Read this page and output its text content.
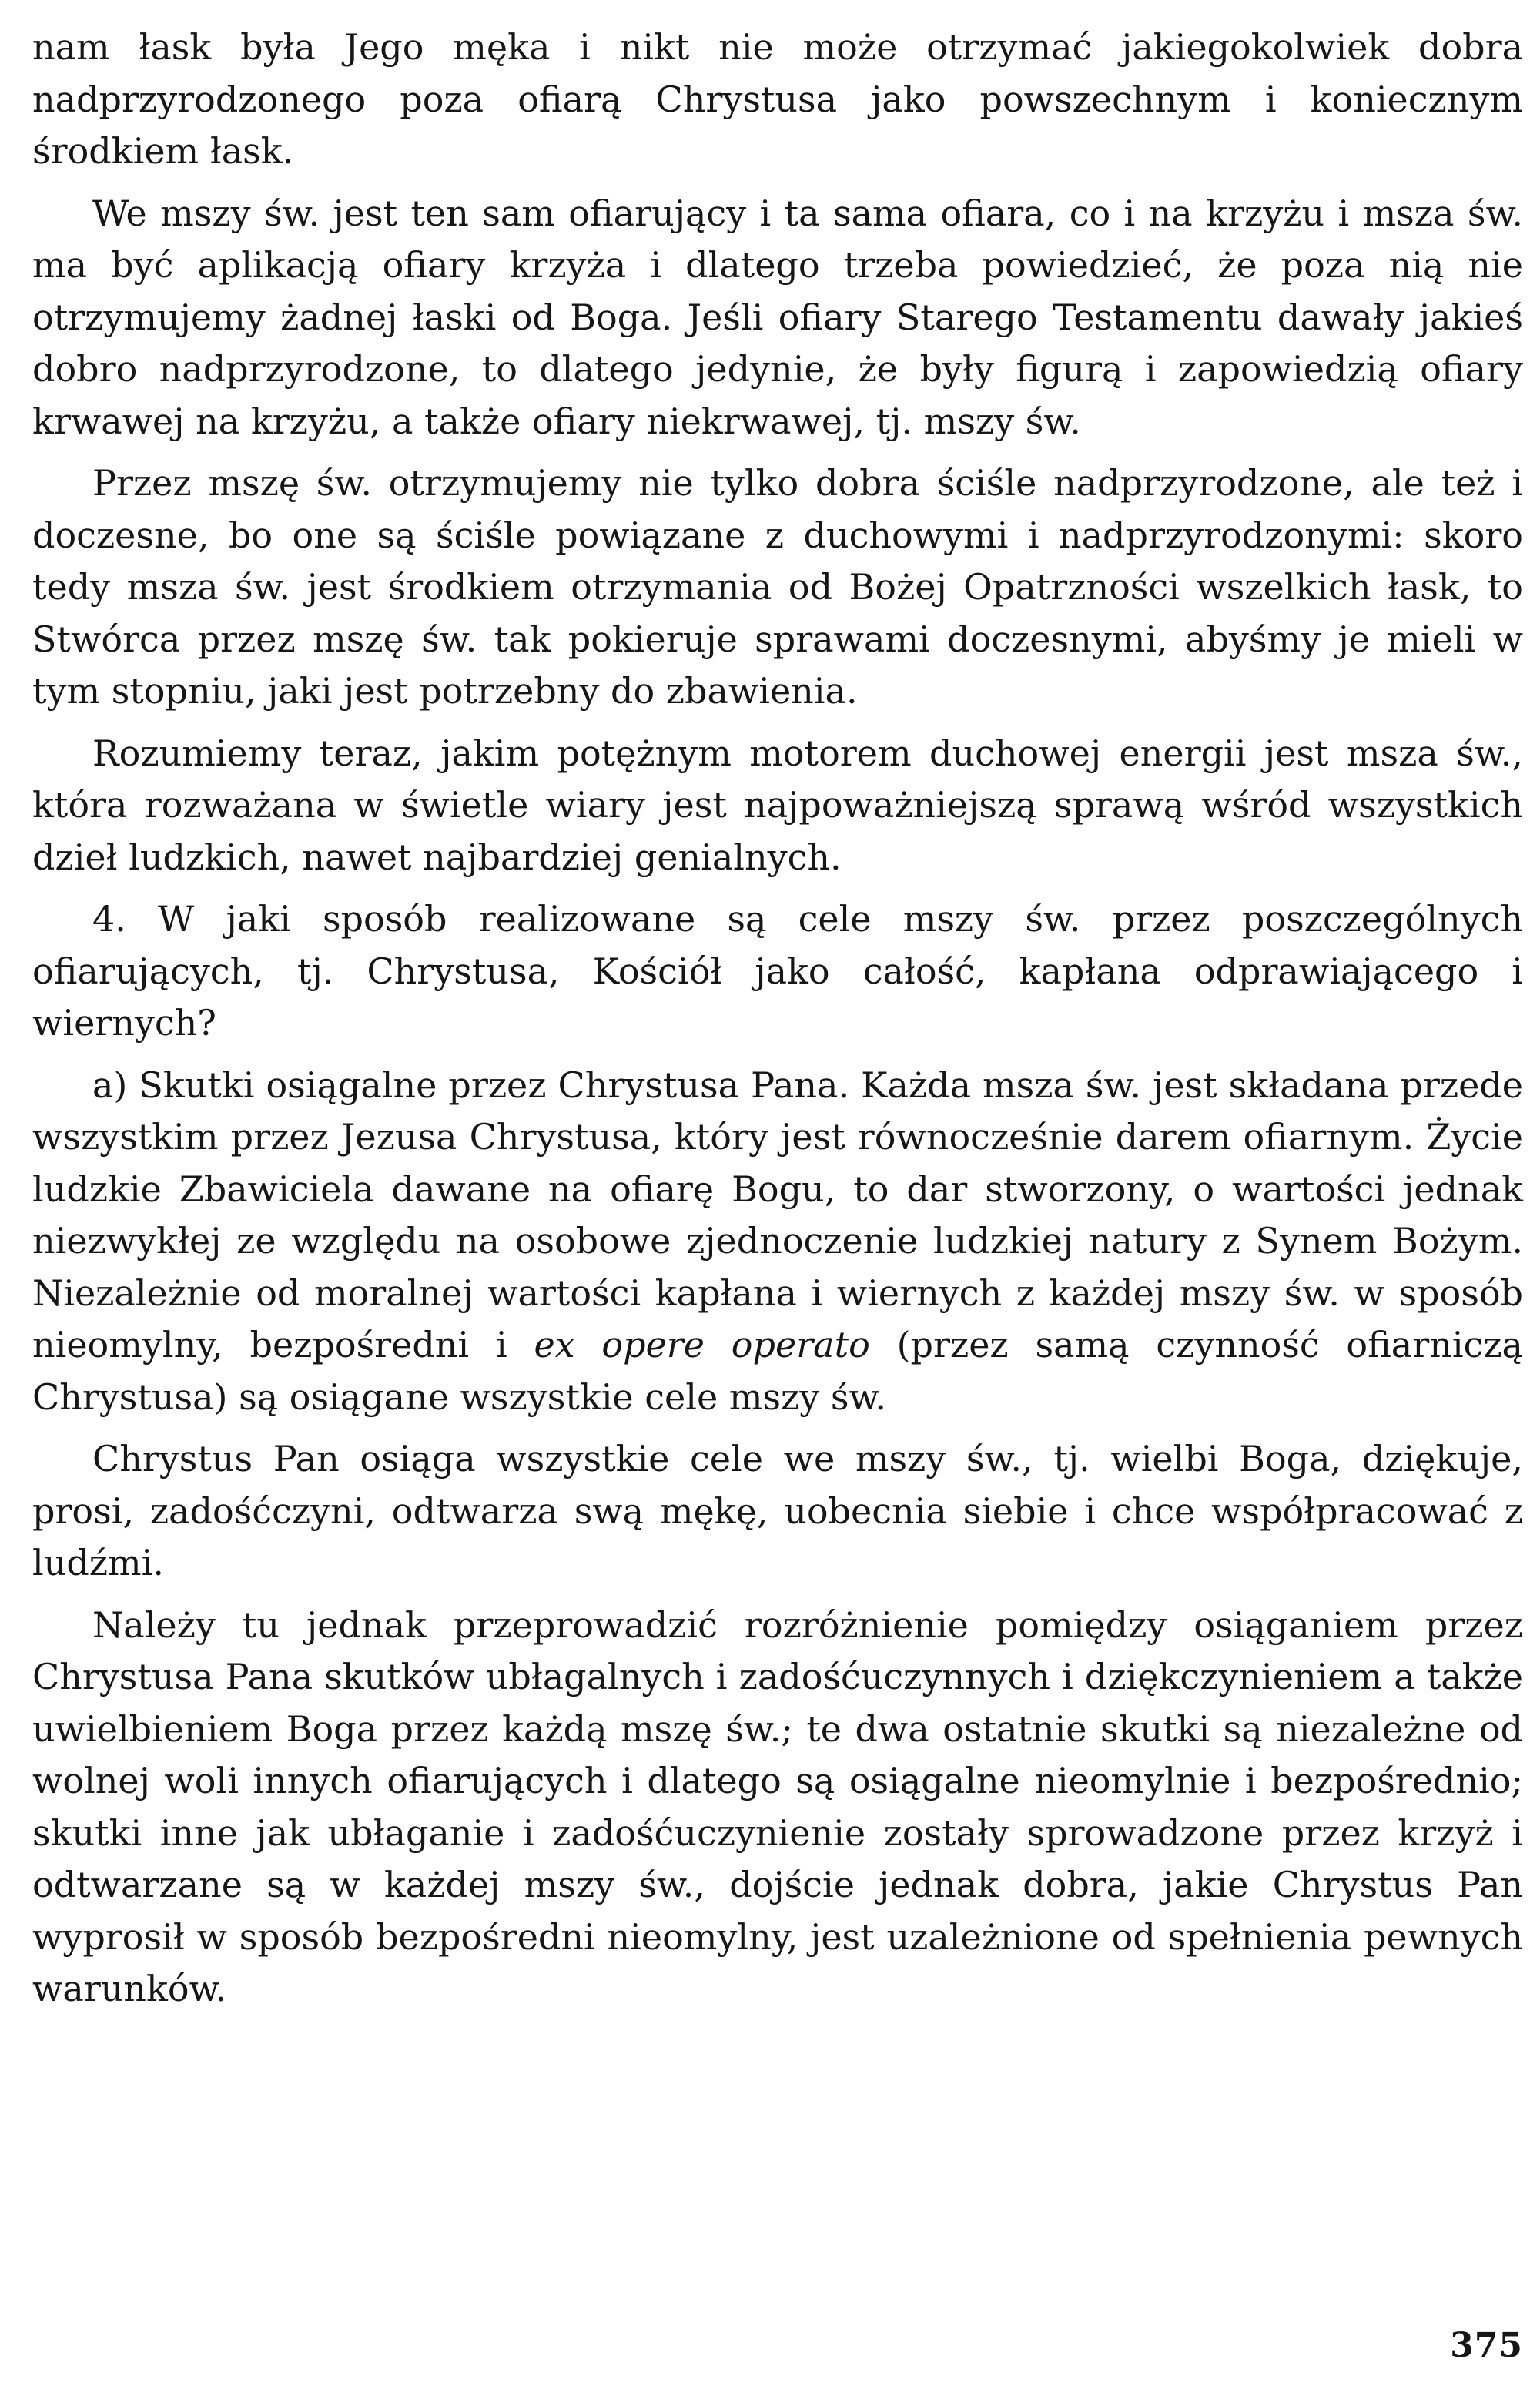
nam łask była Jego męka i nikt nie może otrzymać jakiegokolwiek dobra nadprzyrodzonego poza ofiarą Chrystusa jako powszechnym i koniecznym środkiem łask.

We mszy św. jest ten sam ofiarujący i ta sama ofiara, co i na krzyżu i msza św. ma być aplikacją ofiary krzyża i dlatego trzeba powiedzieć, że poza nią nie otrzymujemy żadnej łaski od Boga. Jeśli ofiary Starego Testamentu dawały jakieś dobro nadprzyrodzone, to dlatego jedynie, że były figurą i zapowiedzią ofiary krwawej na krzyżu, a także ofiary niekrwawej, tj. mszy św.

Przez mszę św. otrzymujemy nie tylko dobra ściśle nadprzyrodzone, ale też i doczesne, bo one są ściśle powiązane z duchowymi i nadprzyrodzonymi: skoro tedy msza św. jest środkiem otrzymania od Bożej Opatrzności wszelkich łask, to Stwórca przez mszę św. tak pokieruje sprawami doczesnymi, abyśmy je mieli w tym stopniu, jaki jest potrzebny do zbawienia.

Rozumiemy teraz, jakim potężnym motorem duchowej energii jest msza św., która rozważana w świetle wiary jest najpoważniejszą sprawą wśród wszystkich dzieł ludzkich, nawet najbardziej genialnych.

4. W jaki sposób realizowane są cele mszy św. przez poszczególnych ofiarujących, tj. Chrystusa, Kościół jako całość, kapłana odprawiającego i wiernych?

a) Skutki osiągalne przez Chrystusa Pana. Każda msza św. jest składana przede wszystkim przez Jezusa Chrystusa, który jest równocześnie darem ofiarnym. Życie ludzkie Zbawiciela dawane na ofiarę Bogu, to dar stworzony, o wartości jednak niezwykłej ze względu na osobowe zjednoczenie ludzkiej natury z Synem Bożym. Niezależnie od moralnej wartości kapłana i wiernych z każdej mszy św. w sposób nieomylny, bezpośredni i ex opere operato (przez samą czynność ofiarniczą Chrystusa) są osiągane wszystkie cele mszy św.

Chrystus Pan osiąga wszystkie cele we mszy św., tj. wielbi Boga, dziękuje, prosi, zadośćczyni, odtwarza swą mękę, uobecnia siebie i chce współpracować z ludźmi.

Należy tu jednak przeprowadzić rozróżnienie pomiędzy osiąganiem przez Chrystusa Pana skutków ubłagalnych i zadośćuczynnych i dziękczynieniem a także uwielbieniem Boga przez każdą mszę św.; te dwa ostatnie skutki są niezależne od wolnej woli innych ofiarujących i dlatego są osiągalne nieomylnie i bezpośrednio; skutki inne jak ubłaganie i zadośćuczynienie zostały sprowadzone przez krzyż i odtwarzane są w każdej mszy św., dojście jednak dobra, jakie Chrystus Pan wyprosił w sposób bezpośredni nieomylny, jest uzależnione od spełnienia pewnych warunków.

375
